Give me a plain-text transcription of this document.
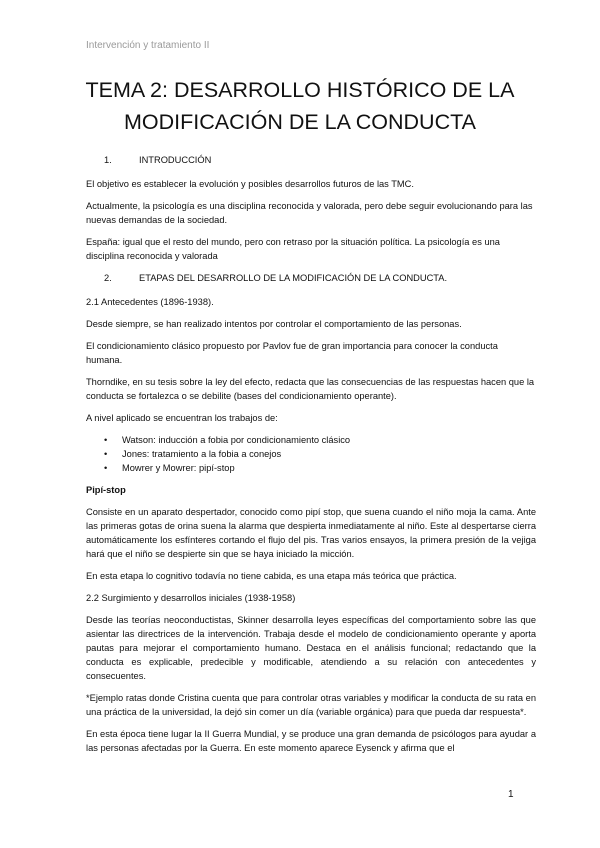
Intervención y tratamiento II
TEMA 2: DESARROLLO HISTÓRICO DE LA MODIFICACIÓN DE LA CONDUCTA
1.	INTRODUCCIÓN

El objetivo es establecer la evolución y posibles desarrollos futuros de las TMC.

Actualmente, la psicología es una disciplina reconocida y valorada, pero debe seguir evolucionando para las nuevas demandas de la sociedad.

España: igual que el resto del mundo, pero con retraso por la situación política. La psicología es una disciplina reconocida y valorada

2.	ETAPAS DEL DESARROLLO DE LA MODIFICACIÓN DE LA CONDUCTA.

2.1 Antecedentes (1896-1938).

Desde siempre, se han realizado intentos por controlar el comportamiento de las personas.

El condicionamiento clásico propuesto por Pavlov fue de gran importancia para conocer la conducta humana.

Thorndike, en su tesis sobre la ley del efecto, redacta que las consecuencias de las respuestas hacen que la conducta se fortalezca o se debilite (bases del condicionamiento operante).

A nivel aplicado se encuentran los trabajos de:

• Watson: inducción a fobia por condicionamiento clásico
• Jones: tratamiento a la fobia a conejos
• Mowrer y Mowrer: pipí-stop

Pipí-stop

Consiste en un aparato despertador, conocido como pipí stop, que suena cuando el niño moja la cama. Ante las primeras gotas de orina suena la alarma que despierta inmediatamente al niño. Este al despertarse cierra automáticamente los esfínteres cortando el flujo del pis. Tras varios ensayos, la primera presión de la vejiga hará que el niño se despierte sin que se haya iniciado la micción.

En esta etapa lo cognitivo todavía no tiene cabida, es una etapa más teórica que práctica.

2.2 Surgimiento y desarrollos iniciales (1938-1958)

Desde las teorías neoconductistas, Skinner desarrolla leyes específicas del comportamiento sobre las que asientar las directrices de la intervención. Trabaja desde el modelo de condicionamiento operante y aporta pautas para mejorar el comportamiento humano. Destaca en el análisis funcional; redactando que la conducta es explicable, predecible y modificable, atendiendo a su relación con antecedentes y consecuentes.

*Ejemplo ratas donde Cristina cuenta que para controlar otras variables y modificar la conducta de su rata en una práctica de la universidad, la dejó sin comer un día (variable orgánica) para que pueda dar respuesta*.

En esta época tiene lugar la II Guerra Mundial, y se produce una gran demanda de psicólogos para ayudar a las personas afectadas por la Guerra. En este momento aparece Eysenck y afirma que el

1
